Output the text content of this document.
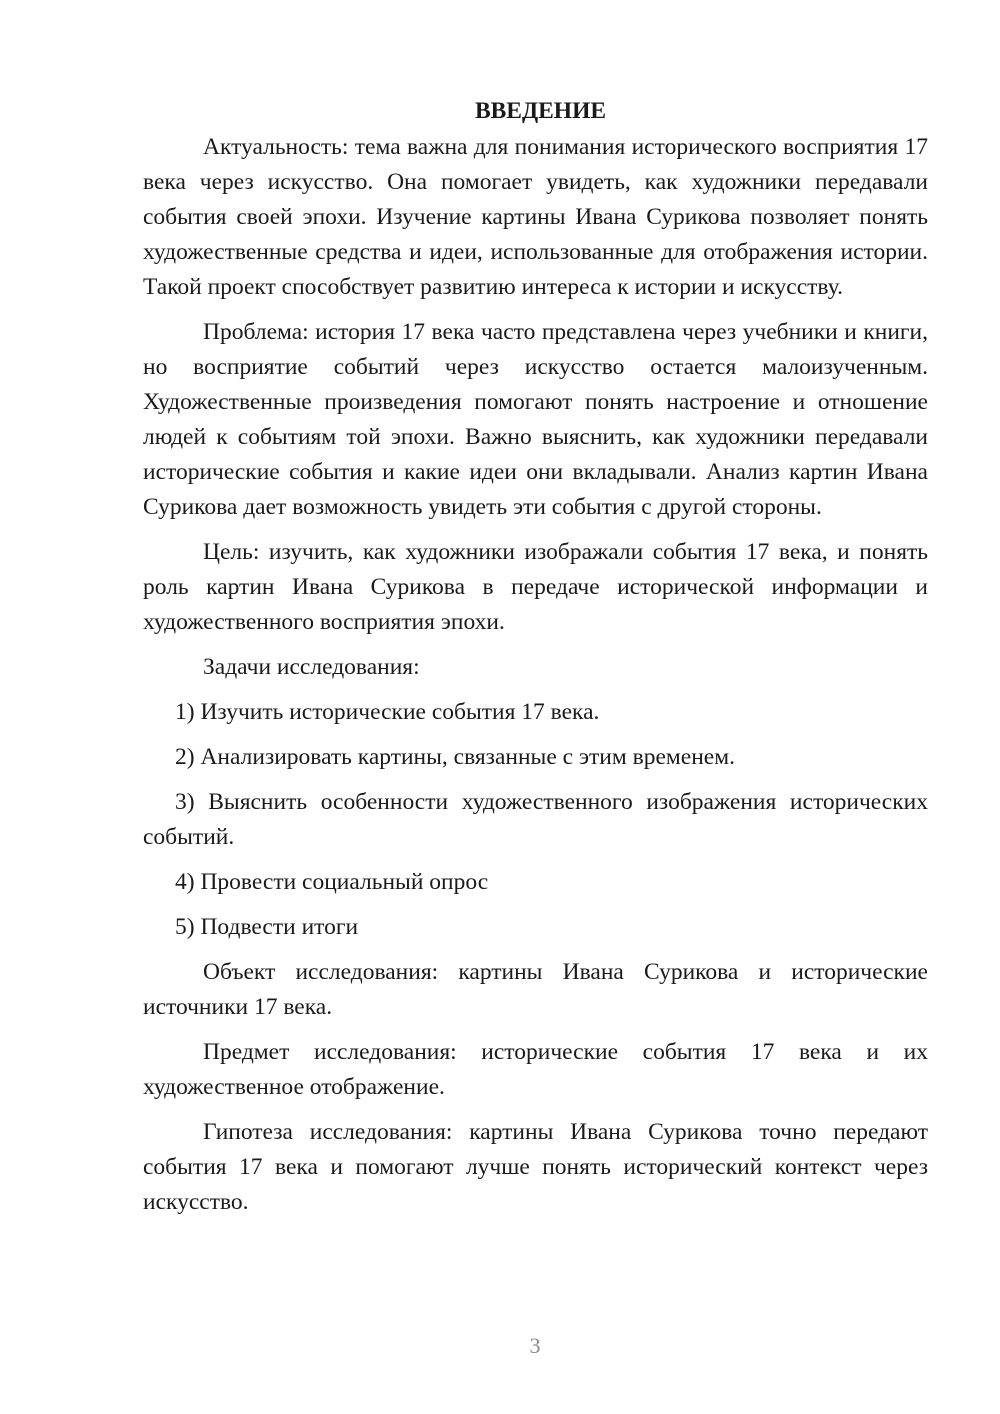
ВВЕДЕНИЕ

Актуальность: тема важна для понимания исторического восприятия 17 века через искусство. Она помогает увидеть, как художники передавали события своей эпохи. Изучение картины Ивана Сурикова позволяет понять художественные средства и идеи, использованные для отображения истории. Такой проект способствует развитию интереса к истории и искусству.

Проблема: история 17 века часто представлена через учебники и книги, но восприятие событий через искусство остается малоизученным. Художественные произведения помогают понять настроение и отношение людей к событиям той эпохи. Важно выяснить, как художники передавали исторические события и какие идеи они вкладывали. Анализ картин Ивана Сурикова дает возможность увидеть эти события с другой стороны.

Цель: изучить, как художники изображали события 17 века, и понять роль картин Ивана Сурикова в передаче исторической информации и художественного восприятия эпохи.

Задачи исследования:

1) Изучить исторические события 17 века.

2) Анализировать картины, связанные с этим временем.

3) Выяснить особенности художественного изображения исторических событий.

4) Провести социальный опрос

5) Подвести итоги

Объект исследования: картины Ивана Сурикова и исторические источники 17 века.

Предмет исследования: исторические события 17 века и их художественное отображение.

Гипотеза исследования: картины Ивана Сурикова точно передают события 17 века и помогают лучше понять исторический контекст через искусство.

3
